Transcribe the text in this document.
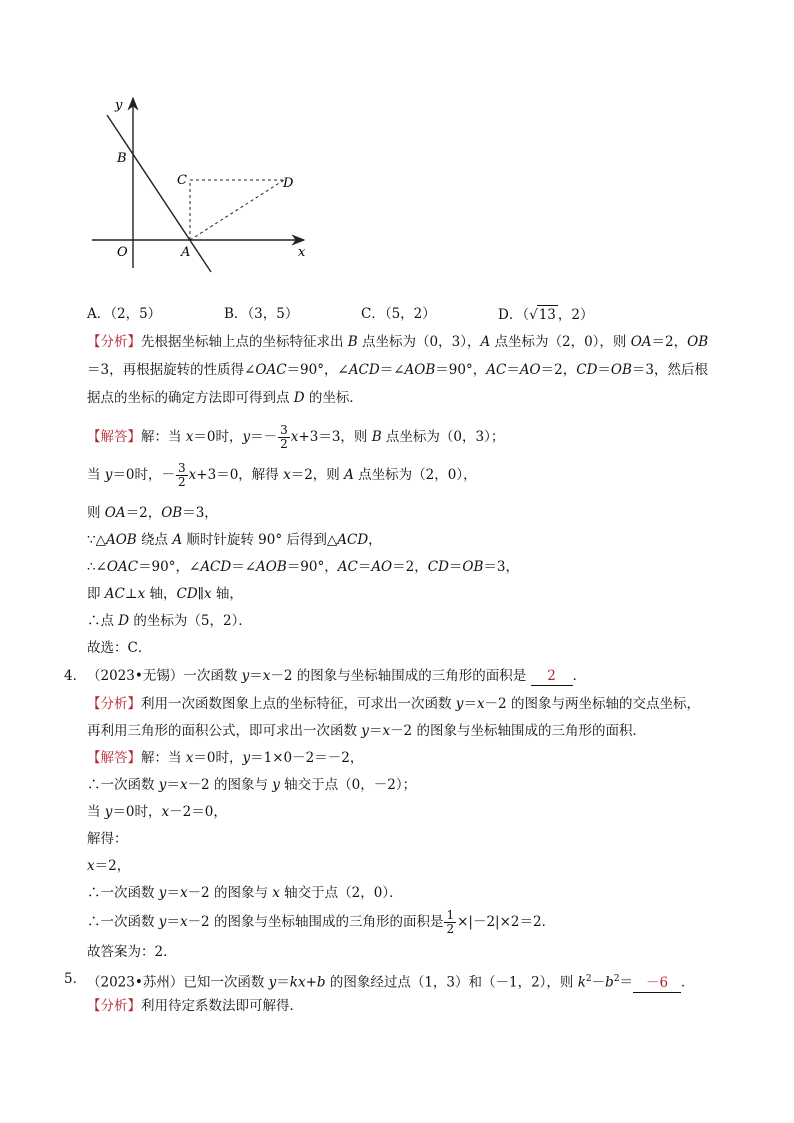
y
x
B
C	D
O	A
A．（2，5）	B．（3，5）	C．（5，2）	D．（√13 ，2）
【分析】先根据坐标轴上点的坐标特征求出 B 点坐标为（0，3），A 点坐标为（2，0），则 OA＝2，OB
＝3，再根据旋转的性质得∠OAC＝90°，∠ACD＝∠AOB＝90°，AC＝AO＝2，CD＝OB＝3，然后根
据点的坐标的确定方法即可得到点 D 的坐标．
【解答】解：当 x＝0时，$y=- \frac{3}{2} x+3=3$，则 B 点坐标为（0，3）；
当 y＝0时，－ $\frac{3}{2} x+3=0$，解得 x＝2，则 A 点坐标为（2，0），
则 OA＝2，OB＝3，
∵△AOB 绕点 A 顺时针旋转 90° 后得到△ACD，
∴∠OAC＝90°，∠ACD＝∠AOB＝90°，AC＝AO＝2，CD＝OB＝3，
即 AC⊥x 轴，CD∥x 轴，
∴点 D 的坐标为（5，2）．
故选：C．
4． （2023•无锡）一次函数 y＝x－2 的图象与坐标轴围成的三角形的面积是 2 ．
【分析】利用一次函数图象上点的坐标特征，可求出一次函数 y＝x－2 的图象与两坐标轴的交点坐标，
再利用三角形的面积公式，即可求出一次函数 y＝x－2 的图象与坐标轴围成的三角形的面积．
【解答】解：当 x＝0时，y＝1×0－2＝－2，
∴一次函数 y＝x－2 的图象与 y 轴交于点（0，－2）；
当 y＝0时，x－2＝0，
解得：
x＝2，
∴一次函数 y＝x－2 的图象与 x 轴交于点（2，0）．
∴一次函数 y＝x－2 的图象与坐标轴围成的三角形的面积是 $\frac{1}{2} \times|-2|\times 2=2$．
故答案为：2．
5． （2023•苏州）已知一次函数 y＝kx+b 的图象经过点（1，3）和（－1，2），则 $k^2-b^2= -6$ ．
【分析】利用待定系数法即可解得．
